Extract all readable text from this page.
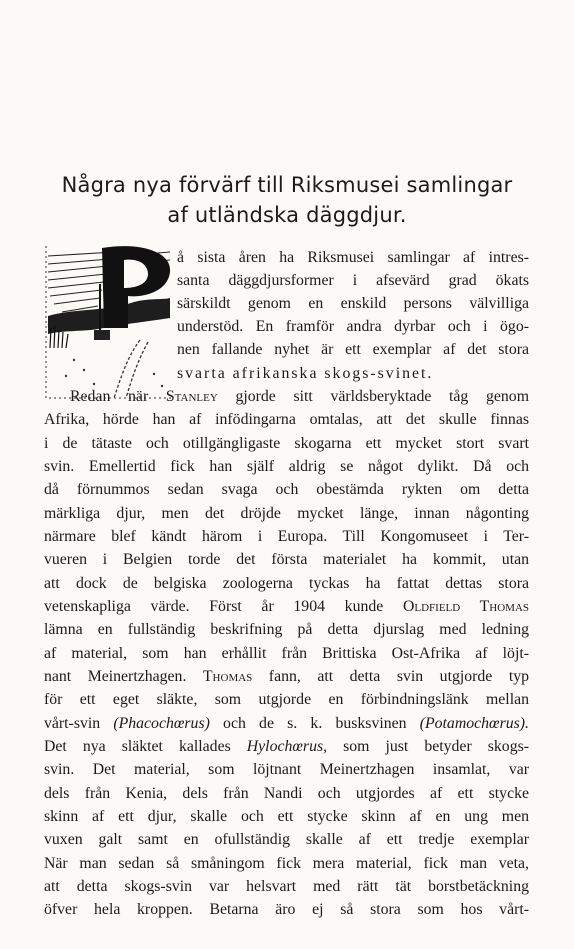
Några nya förvärf till Riksmusei samlingar
af utländska däggdjur.
å sista åren ha Riksmusei samlingar af intres-
santa däggdjursformer i afsevärd grad ökats
särskildt genom en enskild persons välvilliga
understöd. En framför andra dyrbar och i ögo-
nen fallande nyhet är ett exemplar af det stora
svarta afrikanska skogs-svinet.
Redan när Stanley gjorde sitt världsberyktade tåg genom
Afrika, hörde han af infödingarna omtalas, att det skulle finnas
i de tätaste och otillgängligaste skogarna ett mycket stort svart
svin. Emellertid fick han själf aldrig se något dylikt. Då och
då förnummos sedan svaga och obestämda rykten om detta
märkliga djur, men det dröjde mycket länge, innan någonting
närmare blef kändt härom i Europa. Till Kongomuseet i Ter-
vueren i Belgien torde det första materialet ha kommit, utan
att dock de belgiska zoologerna tyckas ha fattat dettas stora
vetenskapliga värde. Först år 1904 kunde Oldfield Thomas
lämna en fullständig beskrifning på detta djurslag med ledning
af material, som han erhållit från Brittiska Ost-Afrika af löjt-
nant Meinertzhagen. Thomas fann, att detta svin utgjorde typ
för ett eget släkte, som utgjorde en förbindningslänk mellan
vårt-svin (Phacochœrus) och de s. k. busksvinen (Potamochœrus).
Det nya släktet kallades Hylochœrus, som just betyder skogs-
svin. Det material, som löjtnant Meinertzhagen insamlat, var
dels från Kenia, dels från Nandi och utgjordes af ett stycke
skinn af ett djur, skalle och ett stycke skinn af en ung men
vuxen galt samt en ofullständig skalle af ett tredje exemplar
När man sedan så småningom fick mera material, fick man veta,
att detta skogs-svin var helsvart med rätt tät borstbetäckning
öfver hela kroppen. Betarna äro ej så stora som hos vårt-
